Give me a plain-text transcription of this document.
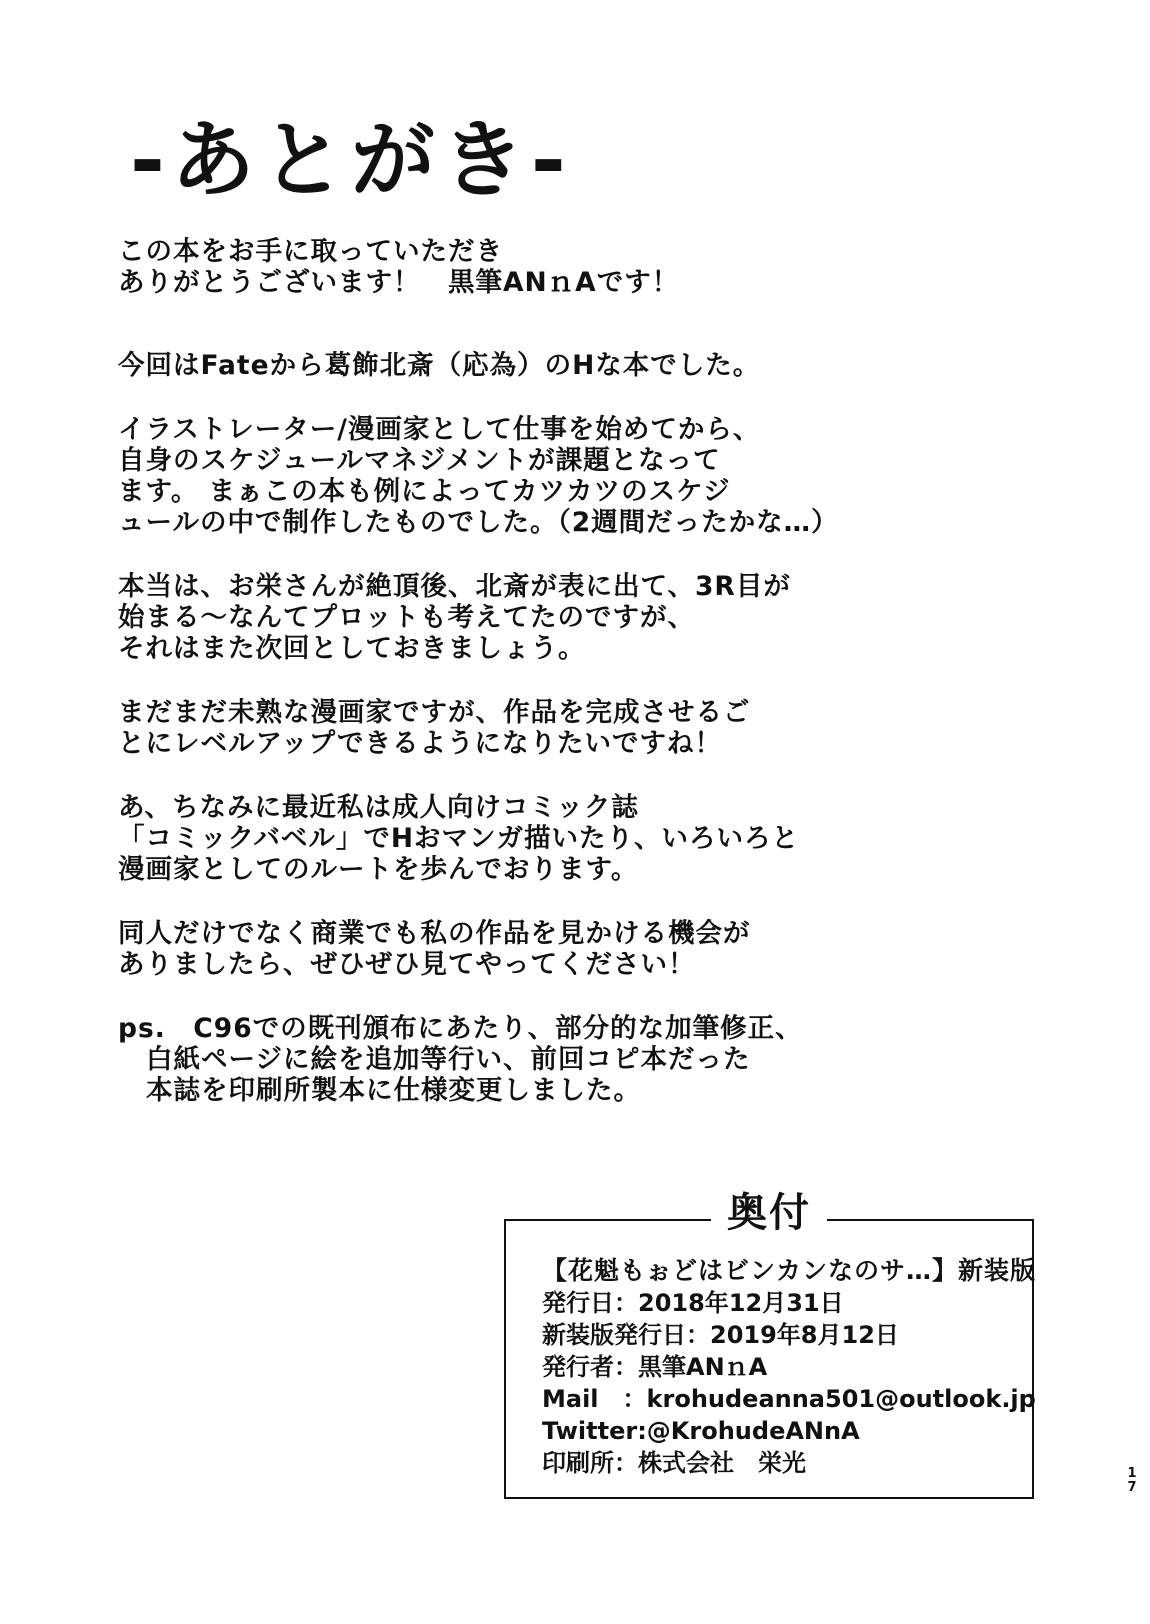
-あとがき-
この本をお手に取っていただき
ありがとうございます！　黒筆ANｎAです！
今回はFateから葛飾北斎（応為）のHな本でした。
イラストレーター/漫画家として仕事を始めてから、
自身のスケジュールマネジメントが課題となって
ます。 まぁこの本も例によってカツカツのスケジ
ュールの中で制作したものでした。（2週間だったかな…）
本当は、お栄さんが絶頂後、北斎が表に出て、3R目が
始まる～なんてプロットも考えてたのですが、
それはまた次回としておきましょう。
まだまだ未熟な漫画家ですが、作品を完成させるご
とにレベルアップできるようになりたいですね！
あ、ちなみに最近私は成人向けコミック誌
「コミックバベル」でHおマンガ描いたり、いろいろと
漫画家としてのルートを歩んでおります。
同人だけでなく商業でも私の作品を見かける機会が
ありましたら、ぜひぜひ見てやってください！
ps.　C96での既刊頒布にあたり、部分的な加筆修正、
白紙ページに絵を追加等行い、前回コピ本だった
本誌を印刷所製本に仕様変更しました。
奥付
【花魁もぉどはビンカンなのサ…】新装版
発行日：2018年12月31日
新装版発行日：2019年8月12日
発行者：黒筆ANｎA
Mail　：krohudeanna501@outlook.jp
Twitter:@KrohudeANnA
印刷所：株式会社　栄光	1
7
